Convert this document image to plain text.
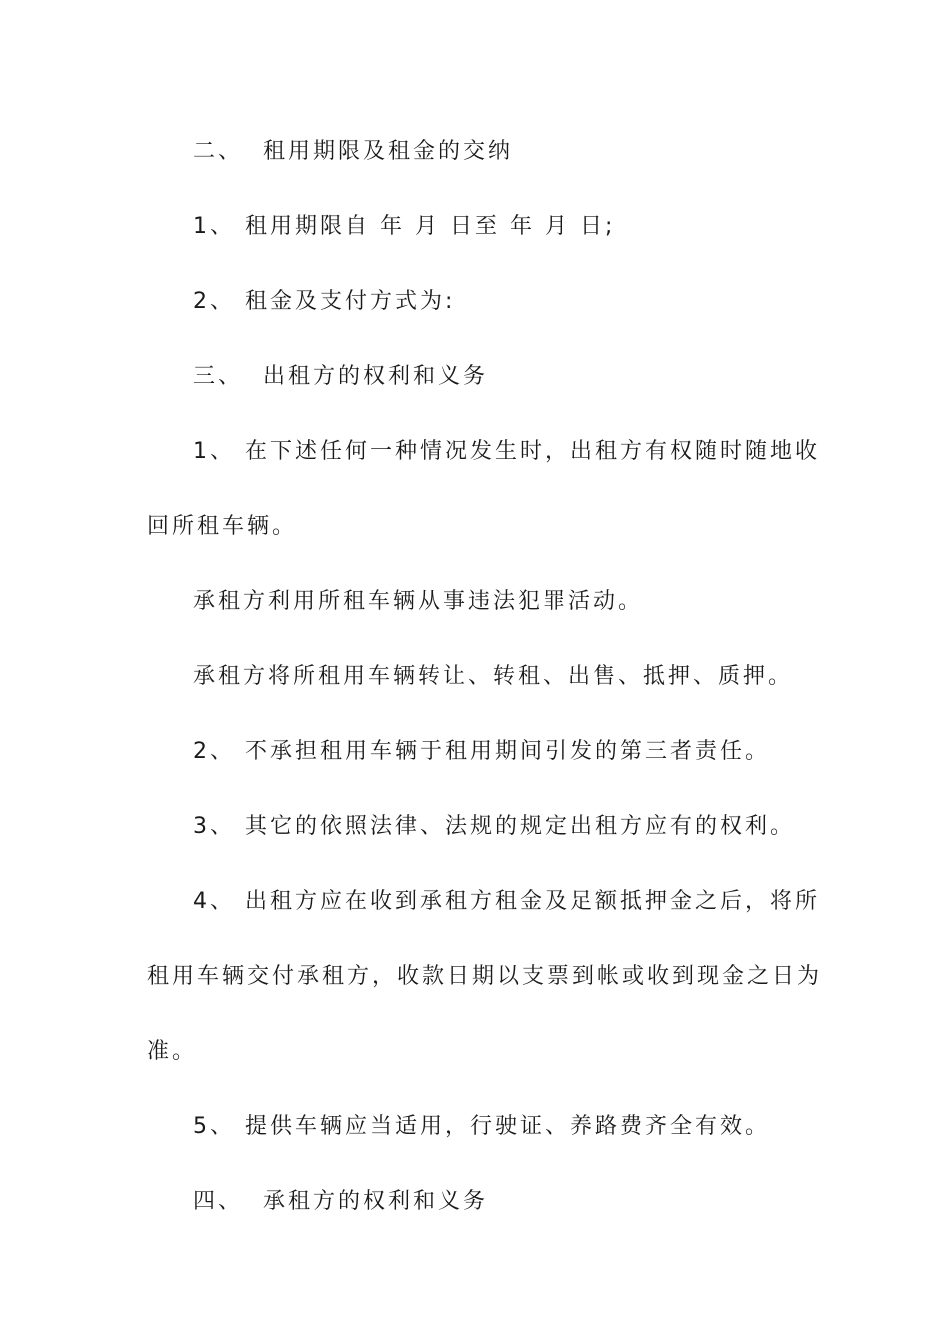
二、  租用期限及租金的交纳
1、 租用期限自 年 月 日至 年 月 日;
2、 租金及支付方式为:
三、  出租方的权利和义务
1、 在下述任何一种情况发生时，出租方有权随时随地收
回所租车辆。
承租方利用所租车辆从事违法犯罪活动。
承租方将所租用车辆转让、转租、出售、抵押、质押。
2、 不承担租用车辆于租用期间引发的第三者责任。
3、 其它的依照法律、法规的规定出租方应有的权利。
4、 出租方应在收到承租方租金及足额抵押金之后，将所
租用车辆交付承租方，收款日期以支票到帐或收到现金之日为
准。
5、 提供车辆应当适用，行驶证、养路费齐全有效。
四、  承租方的权利和义务
